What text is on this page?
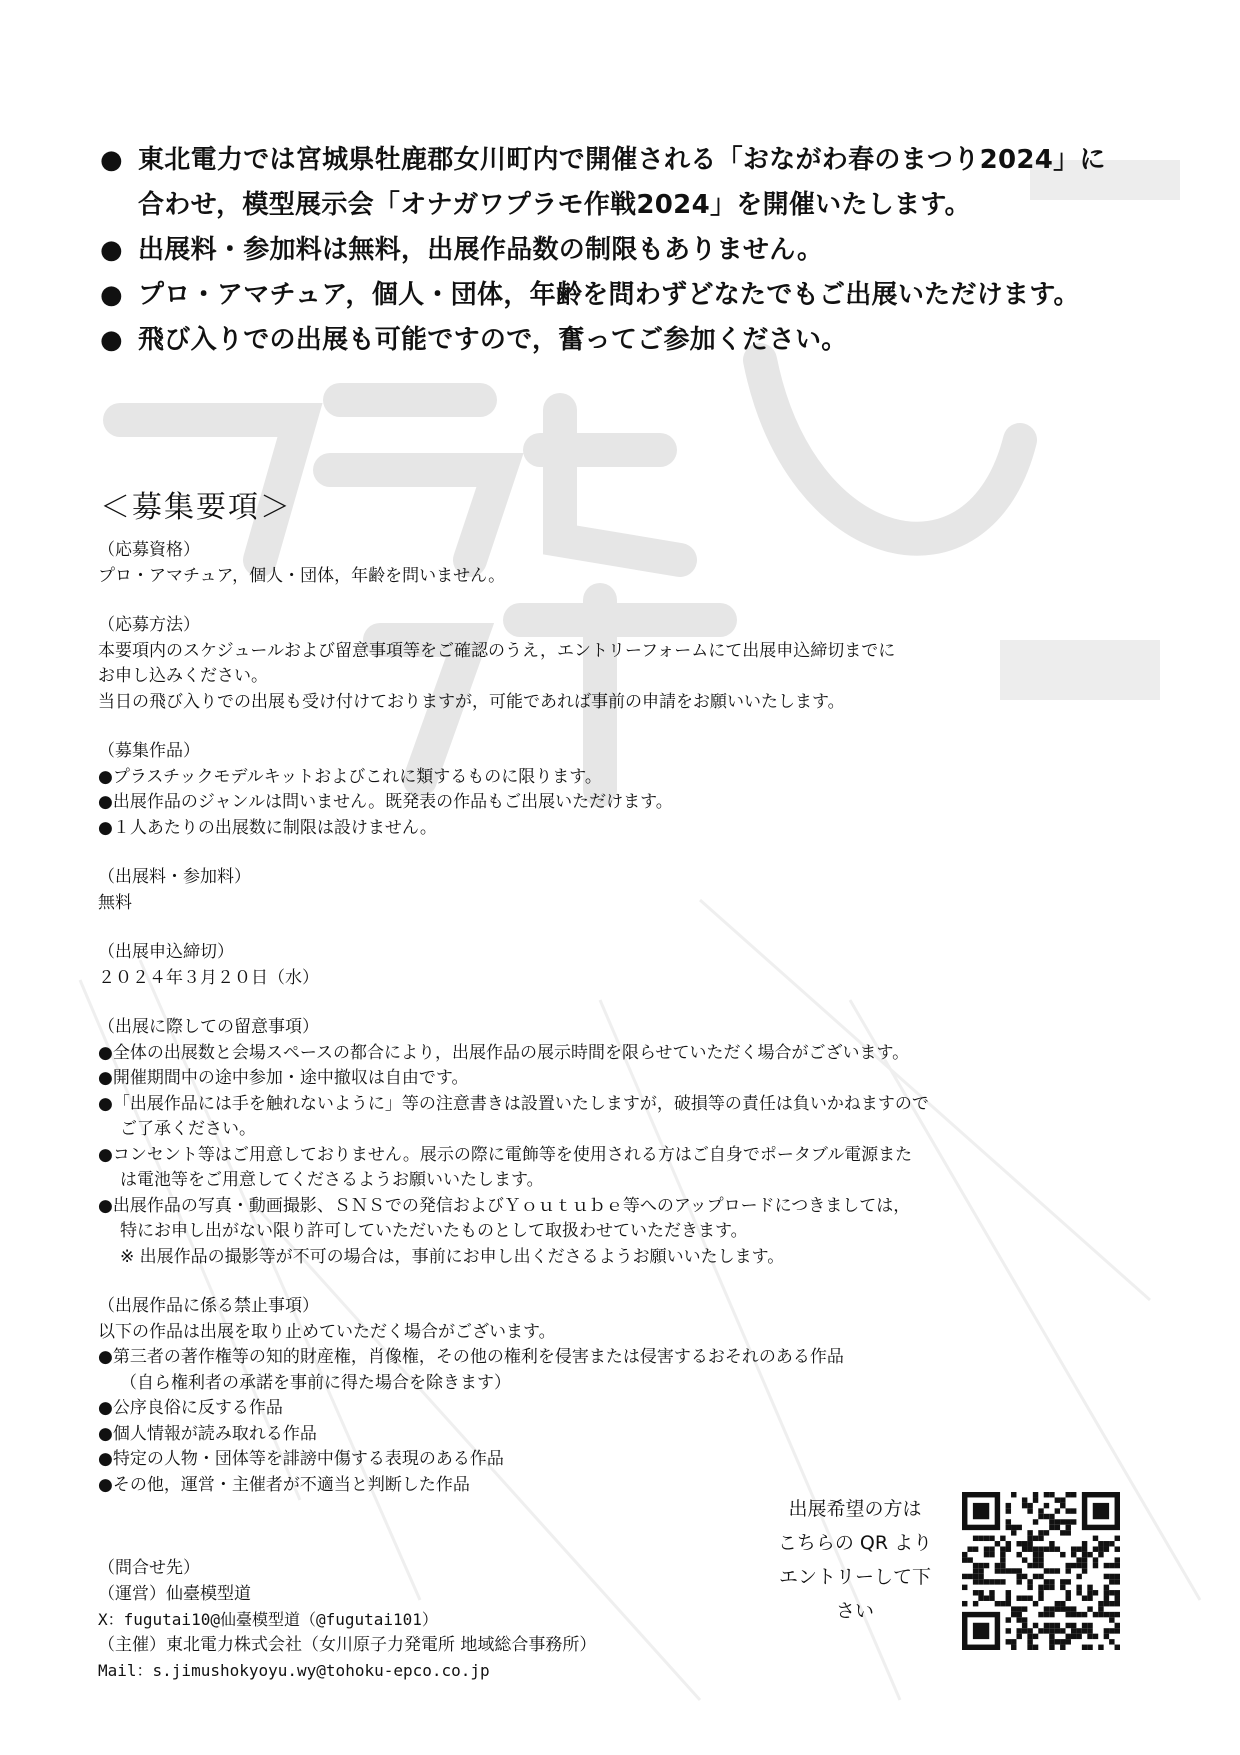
● 東北電力では宮城県牡鹿郡女川町内で開催される「おながわ春のまつり2024」に
合わせ，模型展示会「オナガワプラモ作戦2024」を開催いたします。
● 出展料・参加料は無料，出展作品数の制限もありません。
● プロ・アマチュア，個人・団体，年齢を問わずどなたでもご出展いただけます。
● 飛び入りでの出展も可能ですので，奮ってご参加ください。
＜募集要項＞
（応募資格）
プロ・アマチュア，個人・団体，年齢を問いません。
（応募方法）
本要項内のスケジュールおよび留意事項等をご確認のうえ，エントリーフォームにて出展申込締切までに
お申し込みください。
当日の飛び入りでの出展も受け付けておりますが，可能であれば事前の申請をお願いいたします。
（募集作品）
●プラスチックモデルキットおよびこれに類するものに限ります。
●出展作品のジャンルは問いません。既発表の作品もご出展いただけます。
●１人あたりの出展数に制限は設けません。
（出展料・参加料）
無料
（出展申込締切）
２０２４年３月２０日（水）
（出展に際しての留意事項）
●全体の出展数と会場スペースの都合により，出展作品の展示時間を限らせていただく場合がございます。
●開催期間中の途中参加・途中撤収は自由です。
●「出展作品には手を触れないように」等の注意書きは設置いたしますが，破損等の責任は負いかねますので
ご了承ください。
●コンセント等はご用意しておりません。展示の際に電飾等を使用される方はご自身でポータブル電源また
は電池等をご用意してくださるようお願いいたします。
●出展作品の写真・動画撮影、ＳＮＳでの発信およびＹｏｕｔｕｂｅ等へのアップロードにつきましては，
特にお申し出がない限り許可していただいたものとして取扱わせていただきます。
※ 出展作品の撮影等が不可の場合は，事前にお申し出くださるようお願いいたします。
（出展作品に係る禁止事項）
以下の作品は出展を取り止めていただく場合がございます。
●第三者の著作権等の知的財産権，肖像権，その他の権利を侵害または侵害するおそれのある作品
（自ら権利者の承諾を事前に得た場合を除きます）
●公序良俗に反する作品
●個人情報が読み取れる作品
●特定の人物・団体等を誹謗中傷する表現のある作品
●その他，運営・主催者が不適当と判断した作品
出展希望の方は
こちらの QR より
エントリーして下さい
（問合せ先）
（運営）仙臺模型道
X：fugutai10@仙臺模型道（@fugutai101）
（主催）東北電力株式会社（女川原子力発電所 地域総合事務所）
Mail：s.jimushokyoyu.wy@tohoku-epco.co.jp
